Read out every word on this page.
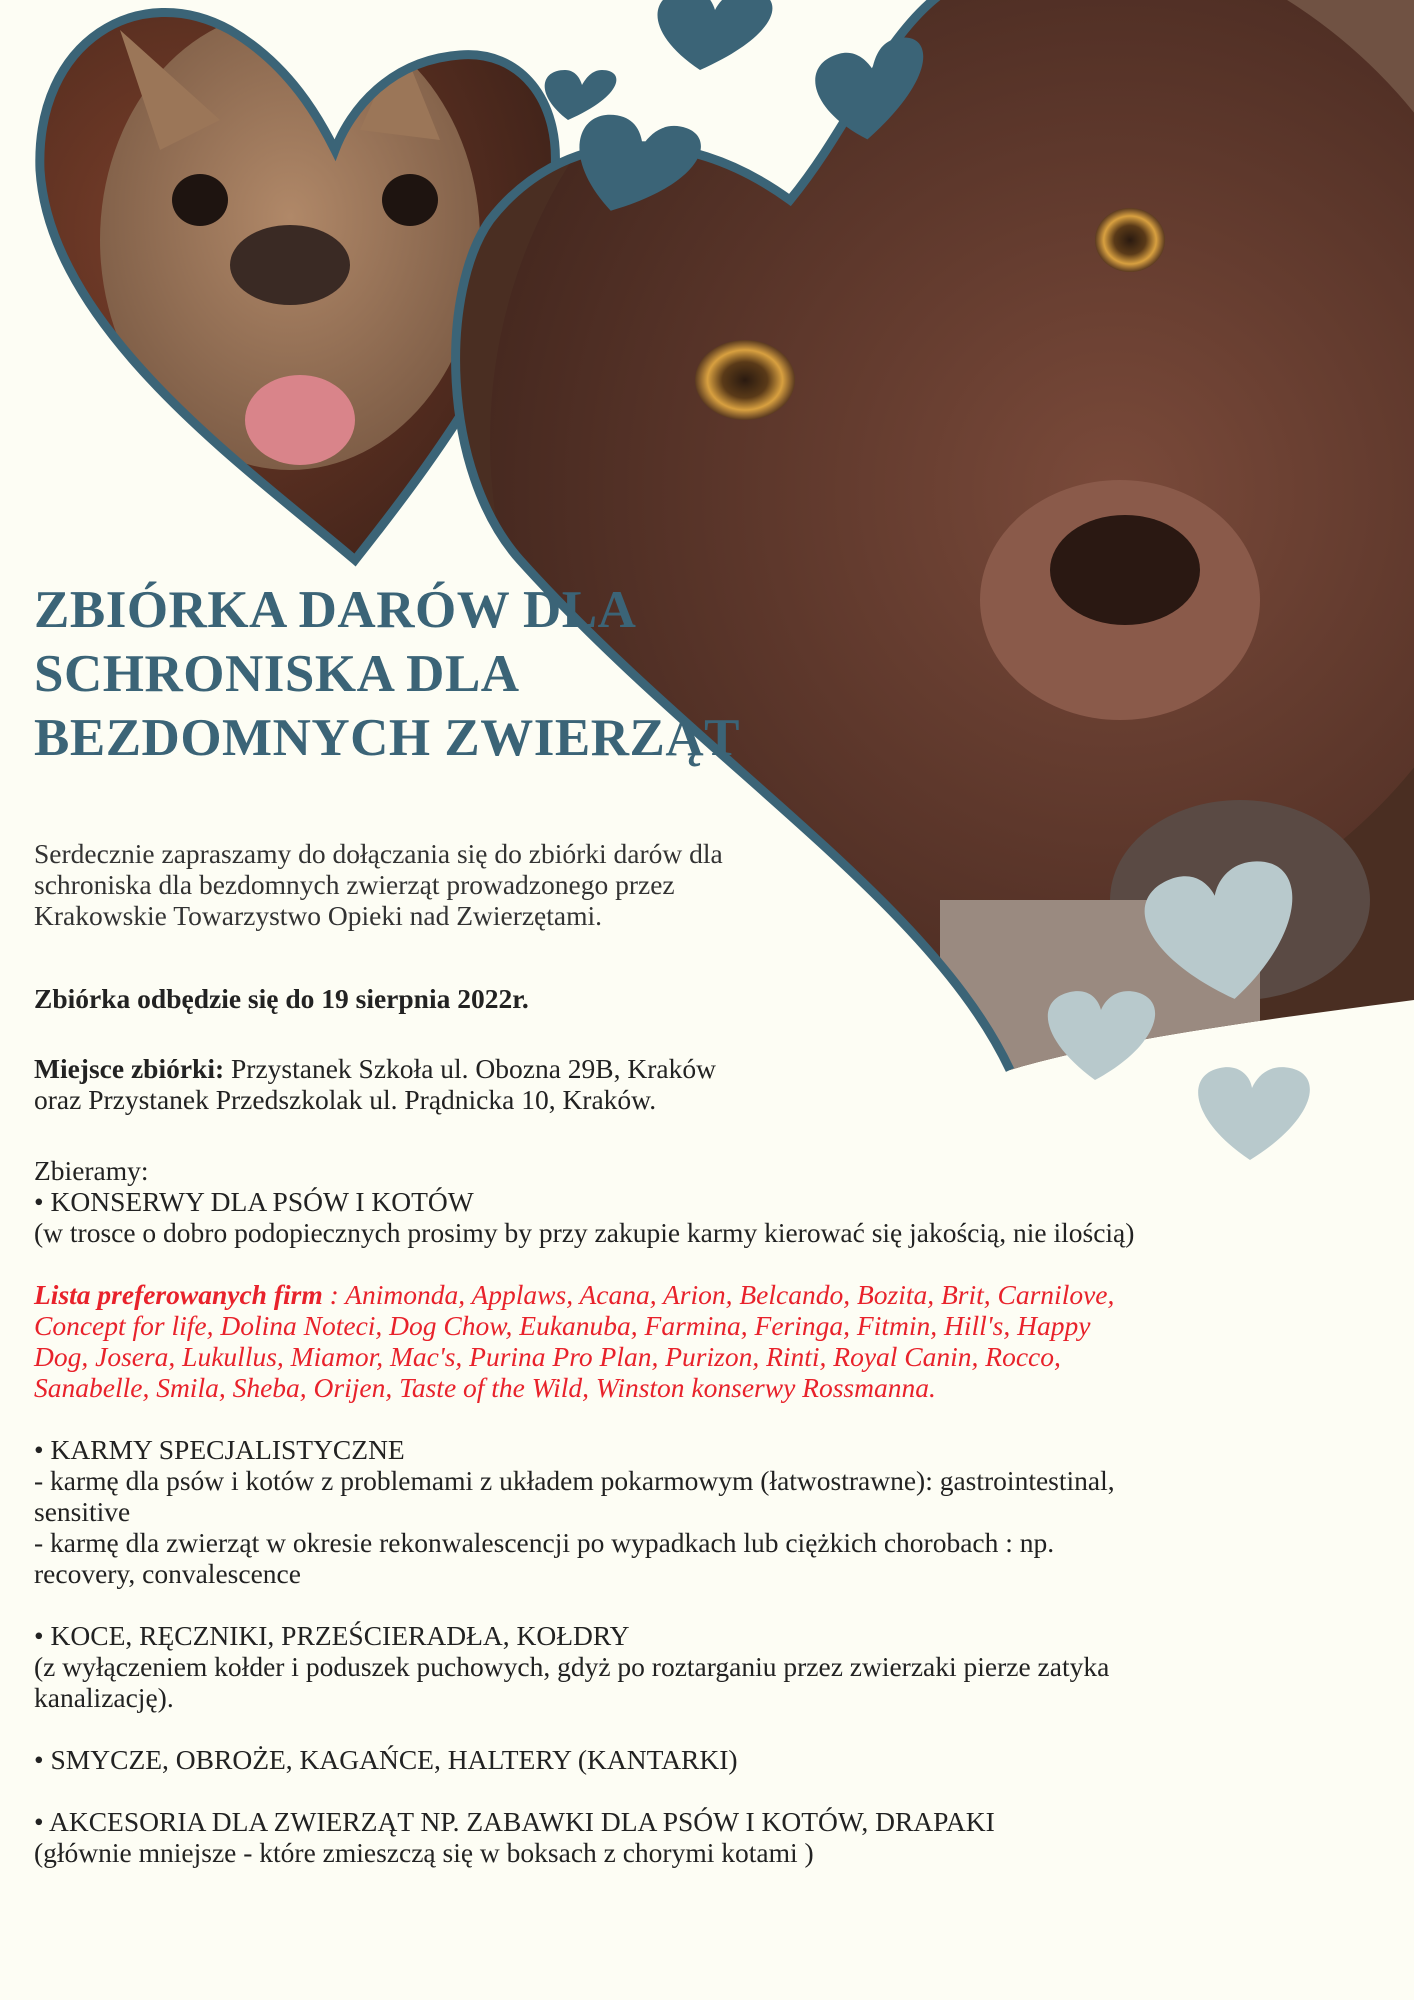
ZBIÓRKA DARÓW DLA
SCHRONISKA DLA
BEZDOMNYCH ZWIERZĄT

Serdecznie zapraszamy do dołączania się do zbiórki darów dla
schroniska dla bezdomnych zwierząt prowadzonego przez
Krakowskie Towarzystwo Opieki nad Zwierzętami.

Zbiórka odbędzie się do 19 sierpnia 2022r.

Miejsce zbiórki: Przystanek Szkoła ul. Obozna 29B, Kraków
oraz Przystanek Przedszkolak ul. Prądnicka 10, Kraków.

Zbieramy:

• KONSERWY DLA PSÓW I KOTÓW

(w trosce o dobro podopiecznych prosimy by przy zakupie karmy kierować się jakością, nie ilością)

Lista preferowanych firm : Animonda, Applaws, Acana, Arion, Belcando, Bozita, Brit, Carnilove,

Concept for life, Dolina Noteci, Dog Chow, Eukanuba, Farmina, Feringa, Fitmin, Hill's, Happy

Dog, Josera, Lukullus, Miamor, Mac's, Purina Pro Plan, Purizon, Rinti, Royal Canin, Rocco,

Sanabelle, Smila, Sheba, Orijen, Taste of the Wild, Winston konserwy Rossmanna.

• KARMY SPECJALISTYCZNE

- karmę dla psów i kotów z problemami z układem pokarmowym (łatwostrawne): gastrointestinal,

sensitive

- karmę dla zwierząt w okresie rekonwalescencji po wypadkach lub ciężkich chorobach : np.

recovery, convalescence

• KOCE, RĘCZNIKI, PRZEŚCIERADŁA, KOŁDRY

(z wyłączeniem kołder i poduszek puchowych, gdyż po roztarganiu przez zwierzaki pierze zatyka

kanalizację).

• SMYCZE, OBROŻE, KAGAŃCE, HALTERY (KANTARKI)

• AKCESORIA DLA ZWIERZĄT NP. ZABAWKI DLA PSÓW I KOTÓW, DRAPAKI

(głównie mniejsze - które zmieszczą się w boksach z chorymi kotami )
